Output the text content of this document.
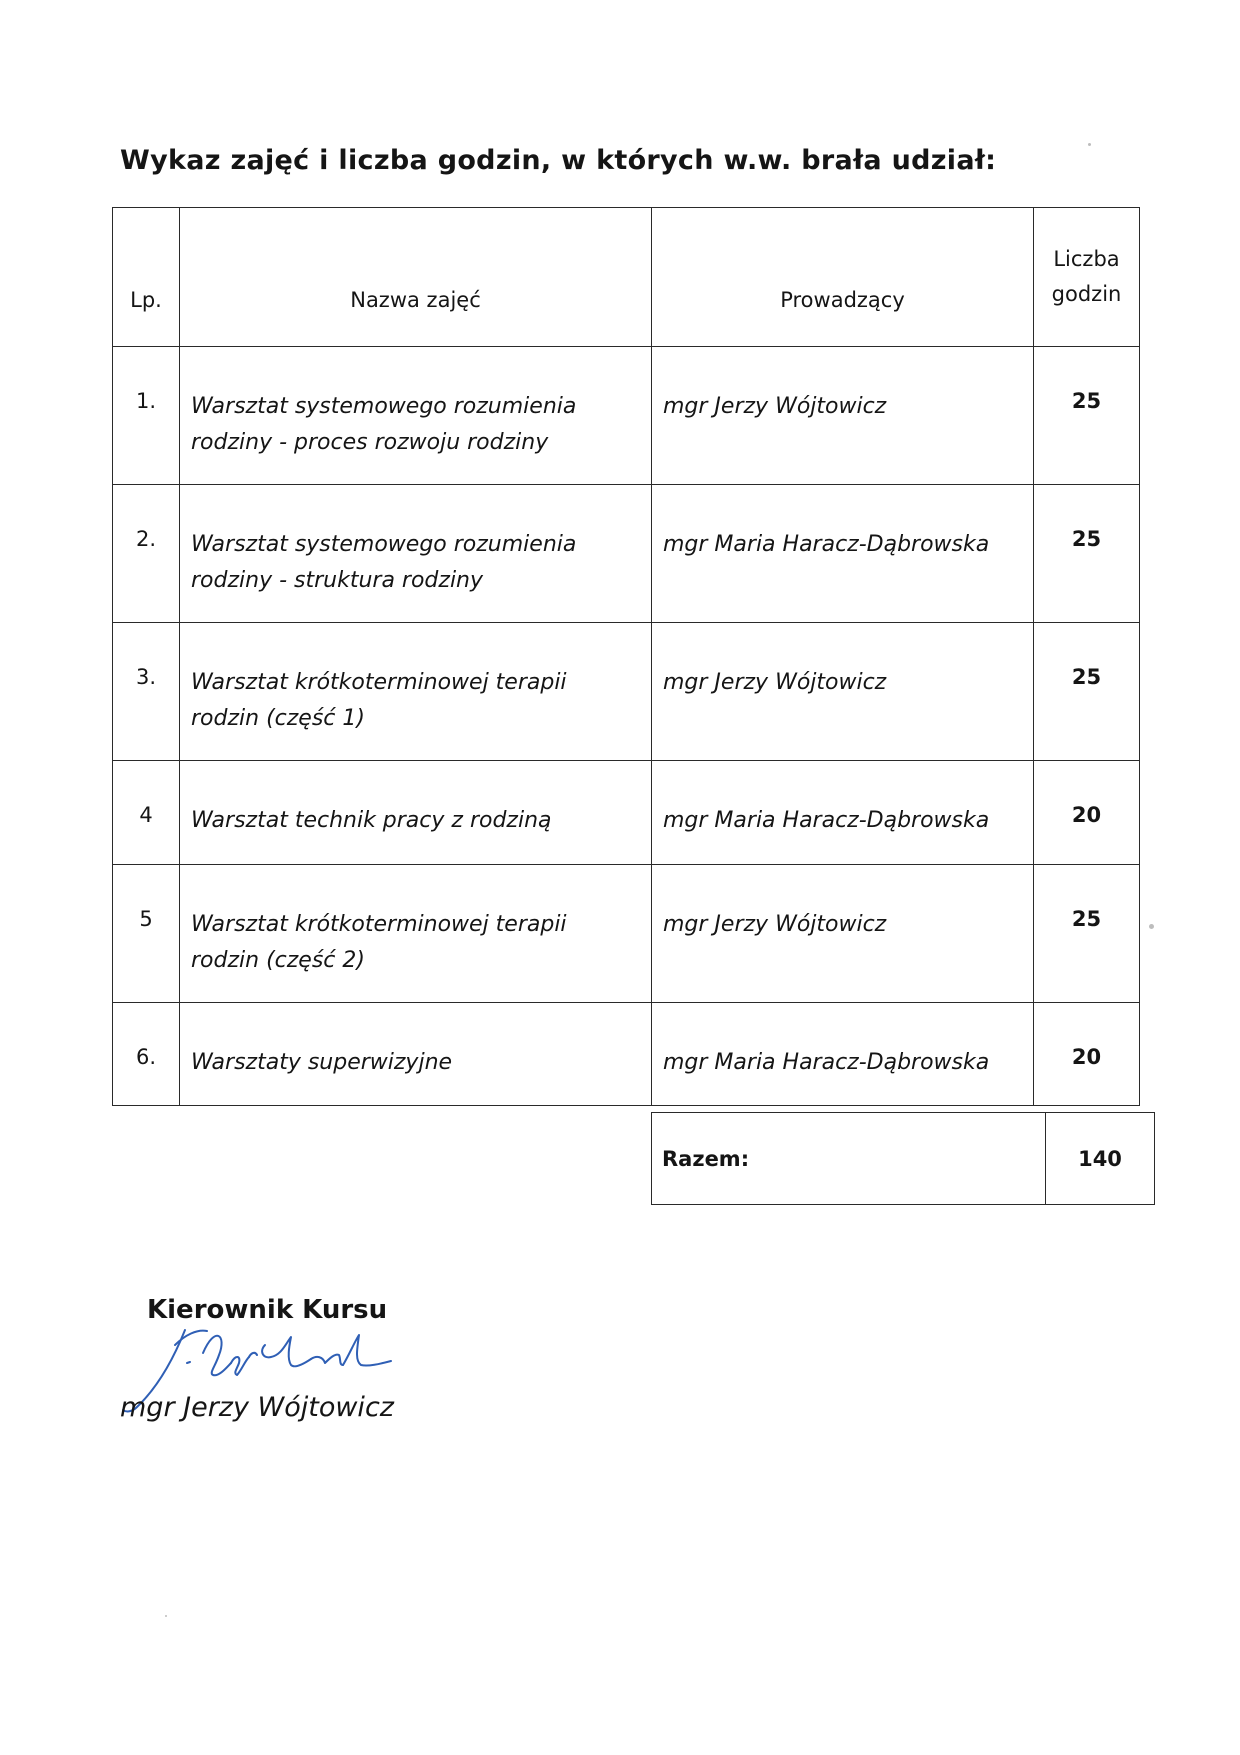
Wykaz zajęć i liczba godzin, w których w.w. brała udział:
Lp.	Nazwa zajęć	Prowadzący	Liczba
godzin

1.	Warsztat systemowego rozumienia
rodziny - proces rozwoju rodziny	mgr Jerzy Wójtowicz	25
2.	Warsztat systemowego rozumienia
rodziny - struktura rodziny	mgr Maria Haracz-Dąbrowska	25
3.	Warsztat krótkoterminowej terapii
rodzin (część 1)	mgr Jerzy Wójtowicz	25
4	Warsztat technik pracy z rodziną	mgr Maria Haracz-Dąbrowska	20
5	Warsztat krótkoterminowej terapii
rodzin (część 2)	mgr Jerzy Wójtowicz	25
6.	Warsztaty superwizyjne	mgr Maria Haracz-Dąbrowska	20
Razem:	140
Kierownik Kursu
mgr Jerzy Wójtowicz
